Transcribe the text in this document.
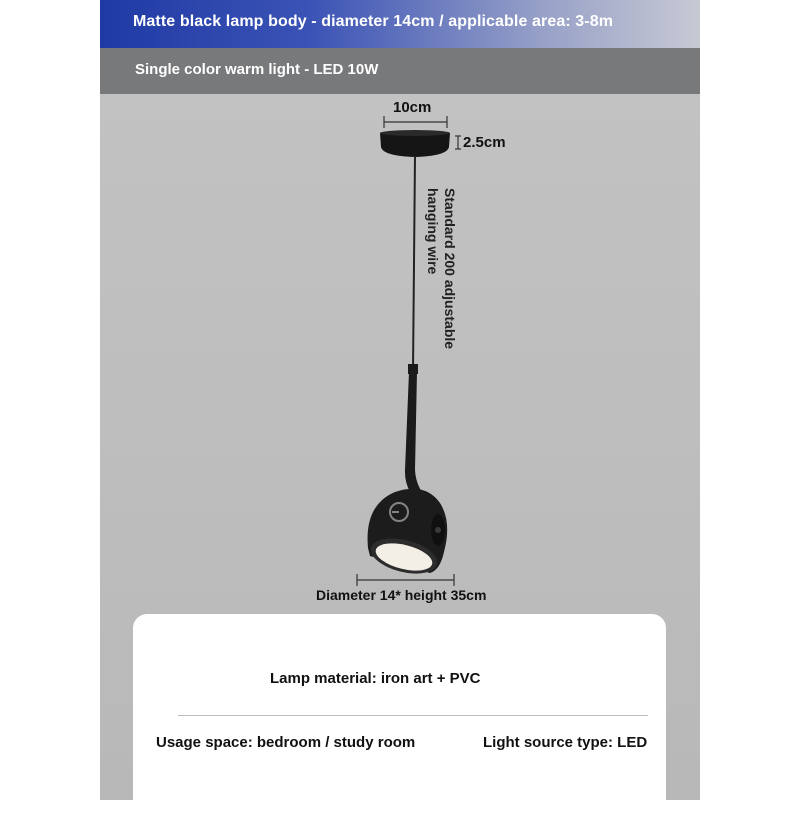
Matte black lamp body - diameter 14cm / applicable area: 3-8m
Single color warm light - LED 10W
10cm
2.5cm
Standard 200 adjustable hanging wire
Diameter 14* height 35cm
Lamp material: iron art + PVC
Usage space: bedroom / study room	Light source type: LED
